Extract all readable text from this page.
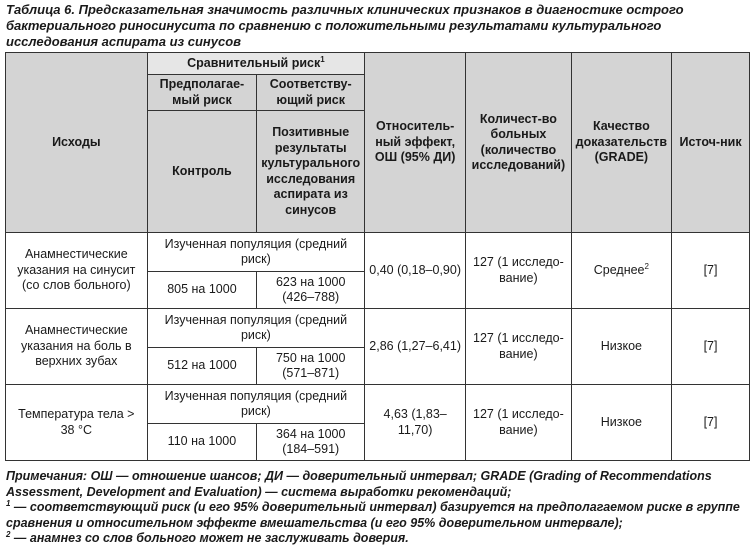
Таблица 6. Предсказательная значимость различных клинических признаков в диагностике острого бактериального риносинусита по сравнению с положительными результатами культурального исследования аспирата из синусов
Исходы	Сравнительный риск$^1$		Относитель-ный эффект, ОШ (95% ДИ)	Количест-во больных (количество исследований)	Качество доказательств (GRADE)	Источ-ник
	Предполагае-мый риск	Соответству-ющий риск				
	Контроль	Позитивные результаты культурального исследования аспирата из синусов				
Анамнестические указания на синусит (со слов больного)	Изученная популяция (средний риск)		0,40 (0,18–0,90)	127 (1 исследо-вание)	Среднее$^2$	[7]
	805 на 1000	623 на 1000 (426–788)				
Анамнестические указания на боль в верхних зубах	Изученная популяция (средний риск)		2,86 (1,27–6,41)	127 (1 исследо-вание)	Низкое	[7]
	512 на 1000	750 на 1000 (571–871)				
Температура тела > 38 °C	Изученная популяция (средний риск)		4,63 (1,83–11,70)	127 (1 исследо-вание)	Низкое	[7]
	110 на 1000	364 на 1000 (184–591)				
Примечания: ОШ — отношение шансов; ДИ — доверительный интервал; GRADE (Grading of Recommendations Assessment, Development and Evaluation) — система выработки рекомендаций;
$^1$ — соответствующий риск (и его 95% доверительный интервал) базируется на предполагаемом риске в группе сравнения и относительном эффекте вмешательства (и его 95% доверительном интервале);
$^2$ — анамнез со слов больного может не заслуживать доверия.
